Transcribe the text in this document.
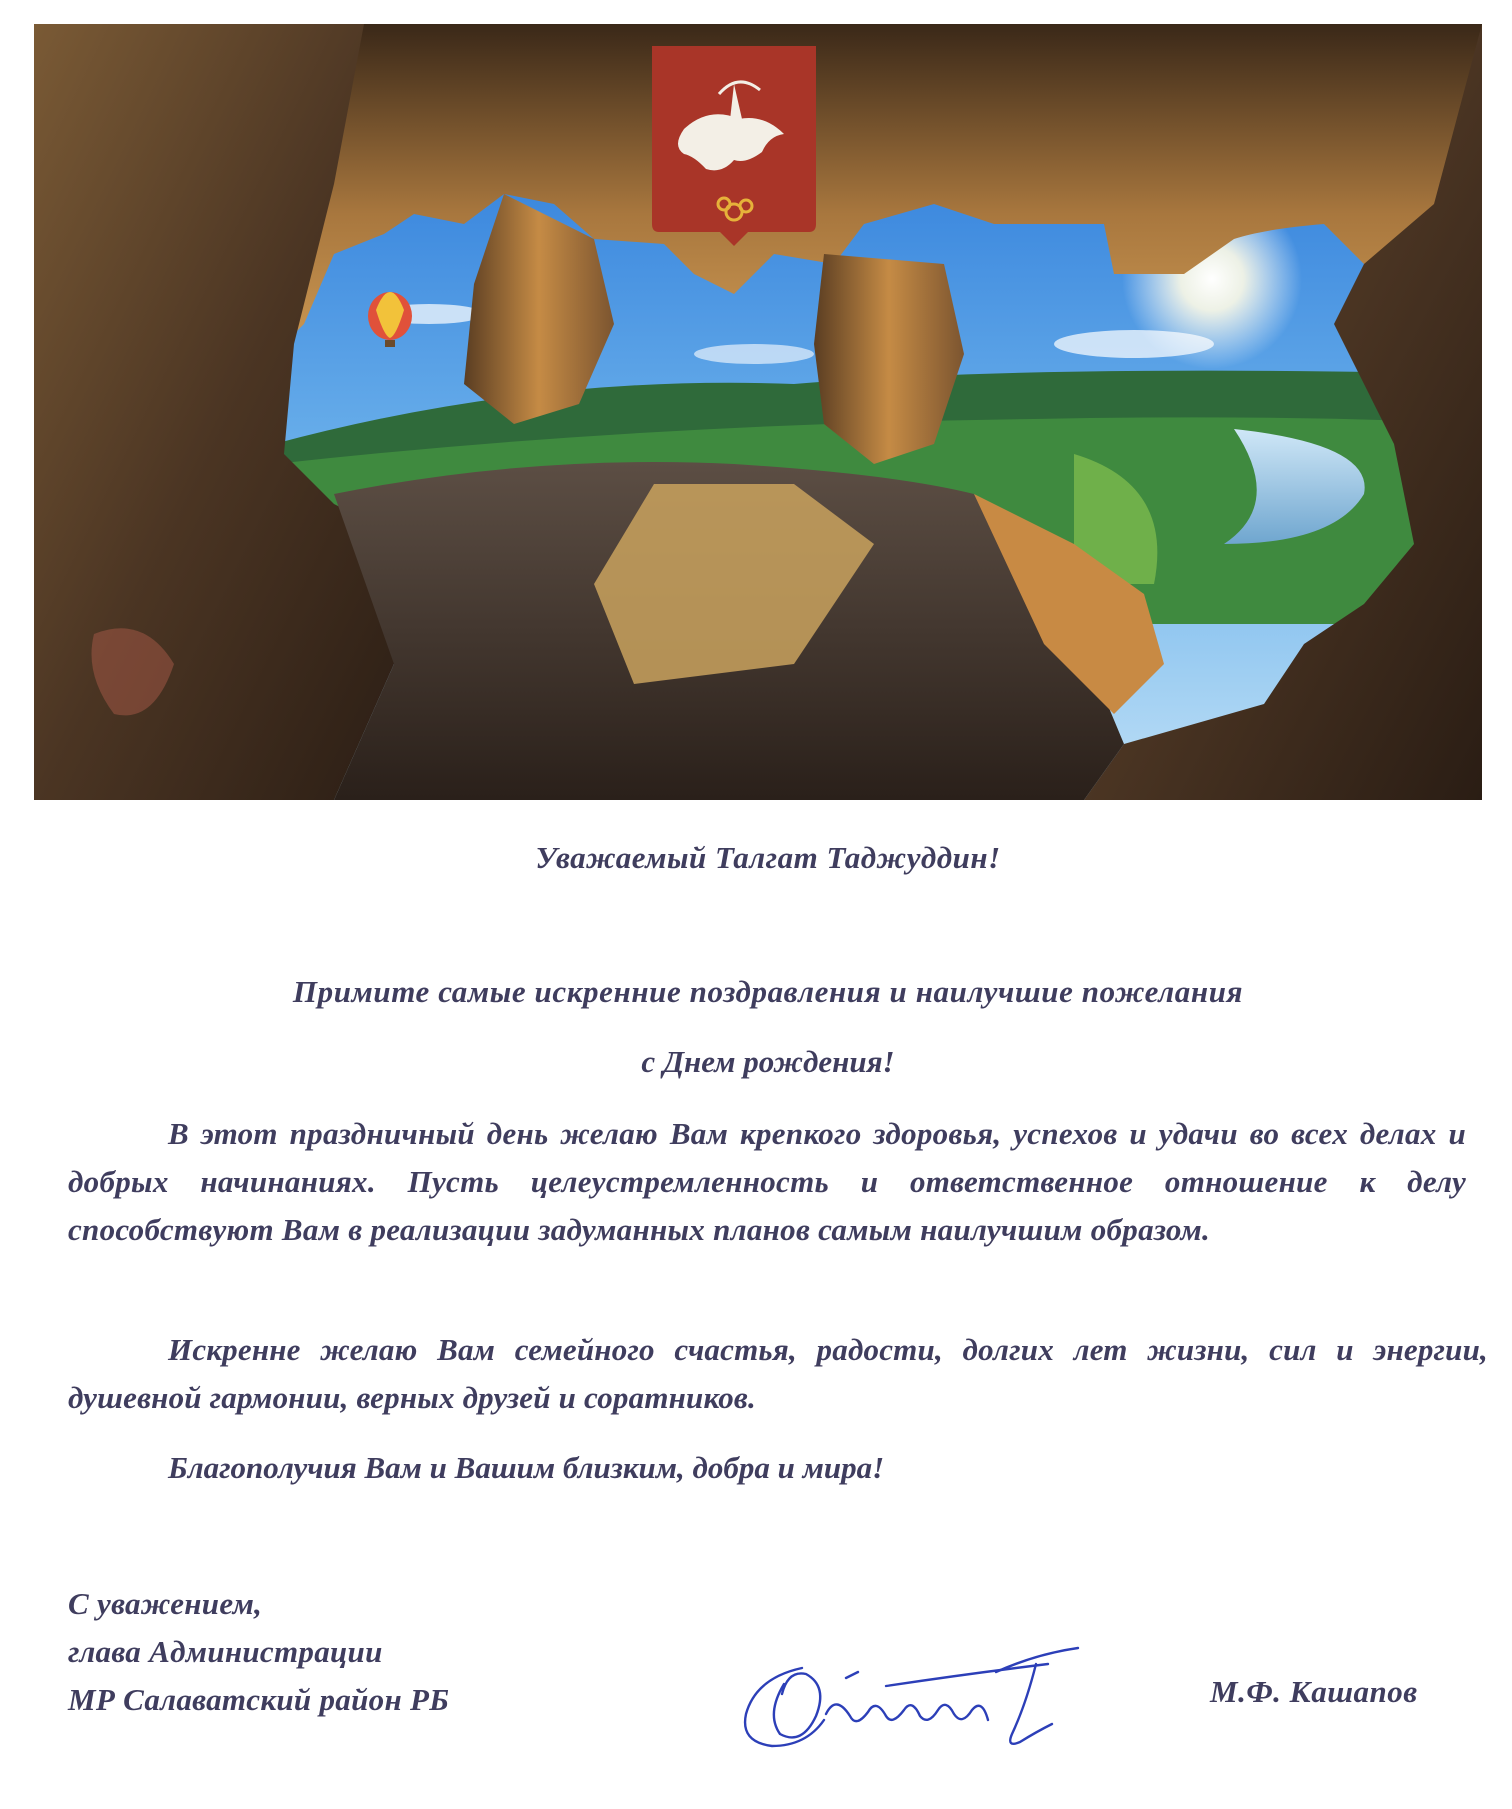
Уважаемый Талгат Таджуддин!
Примите самые искренние поздравления и наилучшие пожелания
с Днем рождения!
В этот праздничный день желаю Вам крепкого здоровья, успехов и удачи во всех делах и добрых начинаниях. Пусть целеустремленность и ответственное отношение к делу способствуют Вам в реализации задуманных планов самым наилучшим образом.
Искренне желаю Вам семейного счастья, радости, долгих лет жизни, сил и энергии, душевной гармонии, верных друзей и соратников.
Благополучия Вам и Вашим близким, добра и мира!
С уважением,
глава Администрации
МР Салаватский район РБ	М.Ф. Кашапов
